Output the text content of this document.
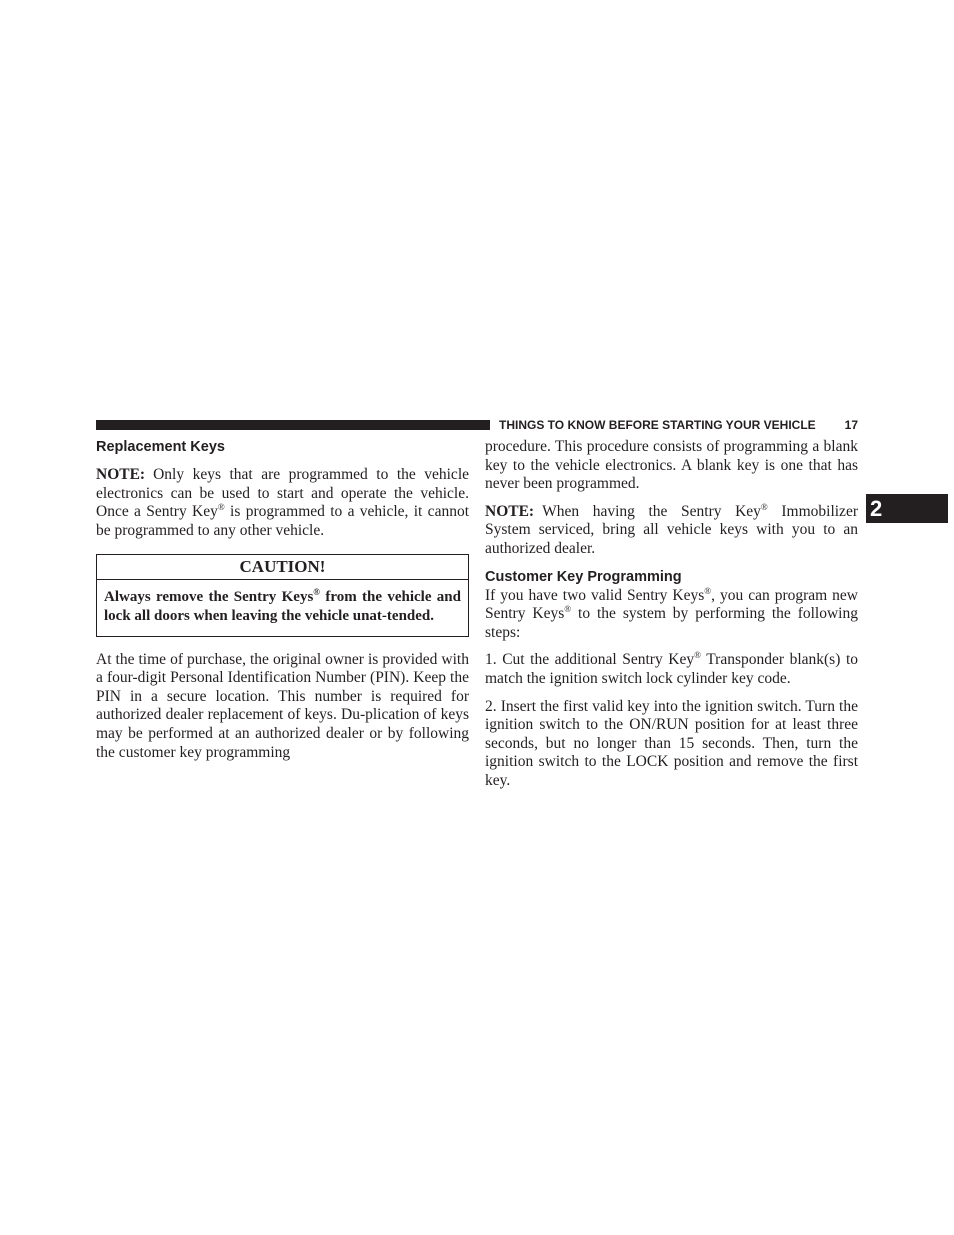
THINGS TO KNOW BEFORE STARTING YOUR VEHICLE 17
2
Replacement Keys

NOTE: Only keys that are programmed to the vehicle electronics can be used to start and operate the vehicle. Once a Sentry Key® is programmed to a vehicle, it cannot be programmed to any other vehicle.

CAUTION!
Always remove the Sentry Keys® from the vehicle and lock all doors when leaving the vehicle unat-tended.

At the time of purchase, the original owner is provided with a four-digit Personal Identification Number (PIN). Keep the PIN in a secure location. This number is required for authorized dealer replacement of keys. Du-plication of keys may be performed at an authorized dealer or by following the customer key programming

procedure. This procedure consists of programming a blank key to the vehicle electronics. A blank key is one that has never been programmed.

NOTE: When having the Sentry Key® Immobilizer System serviced, bring all vehicle keys with you to an authorized dealer.

Customer Key Programming

If you have two valid Sentry Keys®, you can program new Sentry Keys® to the system by performing the following steps:

1. Cut the additional Sentry Key® Transponder blank(s) to match the ignition switch lock cylinder key code.

2. Insert the first valid key into the ignition switch. Turn the ignition switch to the ON/RUN position for at least three seconds, but no longer than 15 seconds. Then, turn the ignition switch to the LOCK position and remove the first key.
